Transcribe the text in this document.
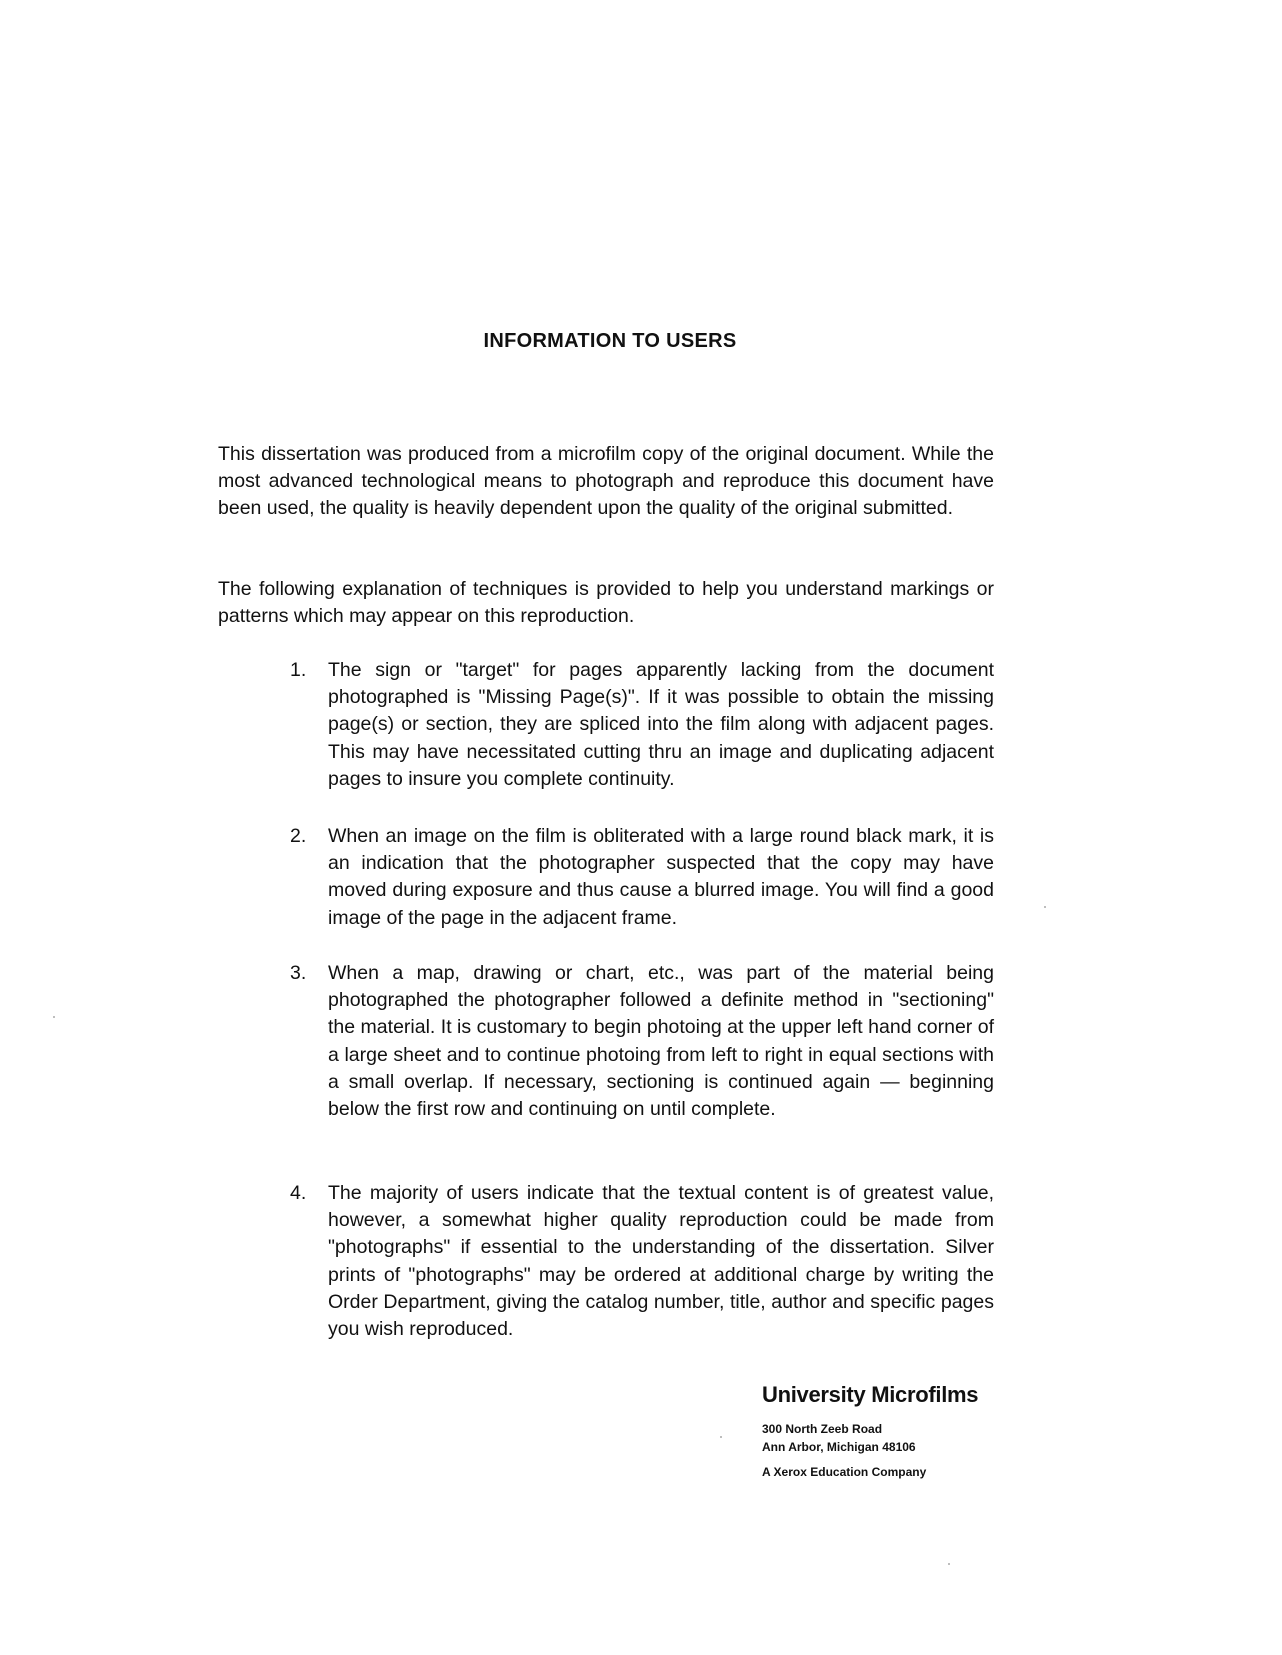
INFORMATION TO USERS

This dissertation was produced from a microfilm copy of the original document. While the most advanced technological means to photograph and reproduce this document have been used, the quality is heavily dependent upon the quality of the original submitted.

The following explanation of techniques is provided to help you understand markings or patterns which may appear on this reproduction.

1. The sign or "target" for pages apparently lacking from the document photographed is "Missing Page(s)". If it was possible to obtain the missing page(s) or section, they are spliced into the film along with adjacent pages. This may have necessitated cutting thru an image and duplicating adjacent pages to insure you complete continuity.

2. When an image on the film is obliterated with a large round black mark, it is an indication that the photographer suspected that the copy may have moved during exposure and thus cause a blurred image. You will find a good image of the page in the adjacent frame.

3. When a map, drawing or chart, etc., was part of the material being photographed the photographer followed a definite method in "sectioning" the material. It is customary to begin photoing at the upper left hand corner of a large sheet and to continue photoing from left to right in equal sections with a small overlap. If necessary, sectioning is continued again — beginning below the first row and continuing on until complete.

4. The majority of users indicate that the textual content is of greatest value, however, a somewhat higher quality reproduction could be made from "photographs" if essential to the understanding of the dissertation. Silver prints of "photographs" may be ordered at additional charge by writing the Order Department, giving the catalog number, title, author and specific pages you wish reproduced.

University Microfilms
300 North Zeeb Road
Ann Arbor, Michigan 48106
A Xerox Education Company
